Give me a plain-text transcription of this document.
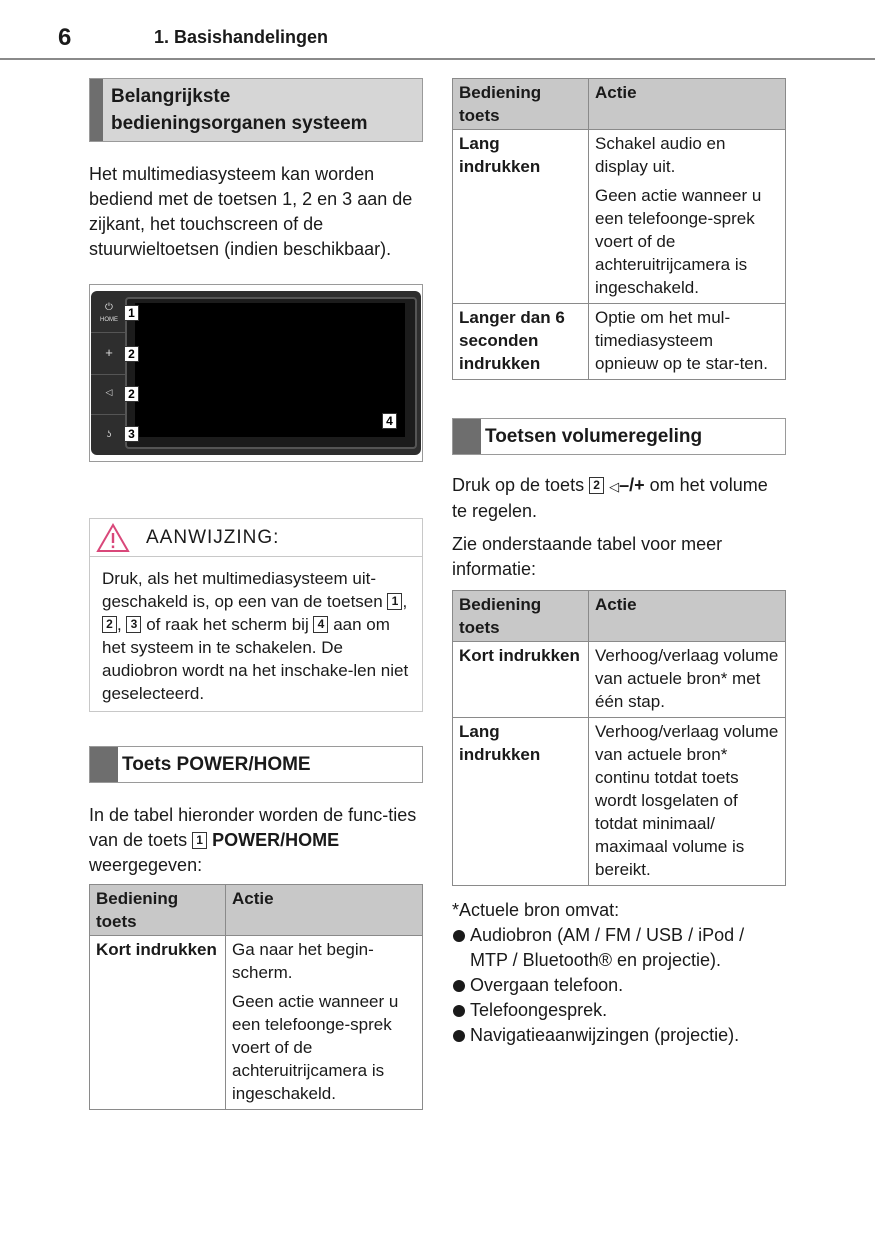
6	1. Basishandelingen
Belangrijkste
bedieningsorganen systeem

Het multimediasysteem kan worden bediend met de toetsen 1, 2 en 3 aan de zijkant, het touchscreen of de stuurwieltoetsen (indien beschikbaar).

⏻
HOME
+
◁
ʖ
1
2
2
3
4
AANWIJZING:
Druk, als het multimediasysteem uit-geschakeld is, op een van de toetsen 1 , 2 , 3 of raak het scherm bij 4 aan om het systeem in te schakelen. De audiobron wordt na het inschake-len niet geselecteerd.
Toets POWER/HOME

In de tabel hieronder worden de func-ties van de toets 1 POWER/HOME weergegeven:

Bediening toets	Actie
Kort indrukken	Ga naar het begin-scherm.

Geen actie wanneer u een telefoonge-sprek voert of de achteruitrijcamera is ingeschakeld.

Bediening toets	Actie
Lang indrukken	Schakel audio en display uit.

Geen actie wanneer u een telefoonge-sprek voert of de achteruitrijcamera is ingeschakeld.

Langer dan 6 seconden indrukken	Optie om het mul-timediasysteem opnieuw op te star-ten.

Toetsen volumeregeling

Druk op de toets 2 ◁–/+ om het volume te regelen.

Zie onderstaande tabel voor meer informatie:

Bediening toets	Actie
Kort indrukken	Verhoog/verlaag volume van actuele bron* met één stap.
Lang indrukken	Verhoog/verlaag volume van actuele bron* continu totdat toets wordt losgelaten of totdat minimaal/ maximaal volume is bereikt.

*Actuele bron omvat:

Audiobron (AM / FM / USB / iPod / MTP / Bluetooth® en projectie).
Overgaan telefoon.
Telefoongesprek.
Navigatieaanwijzingen (projectie).
